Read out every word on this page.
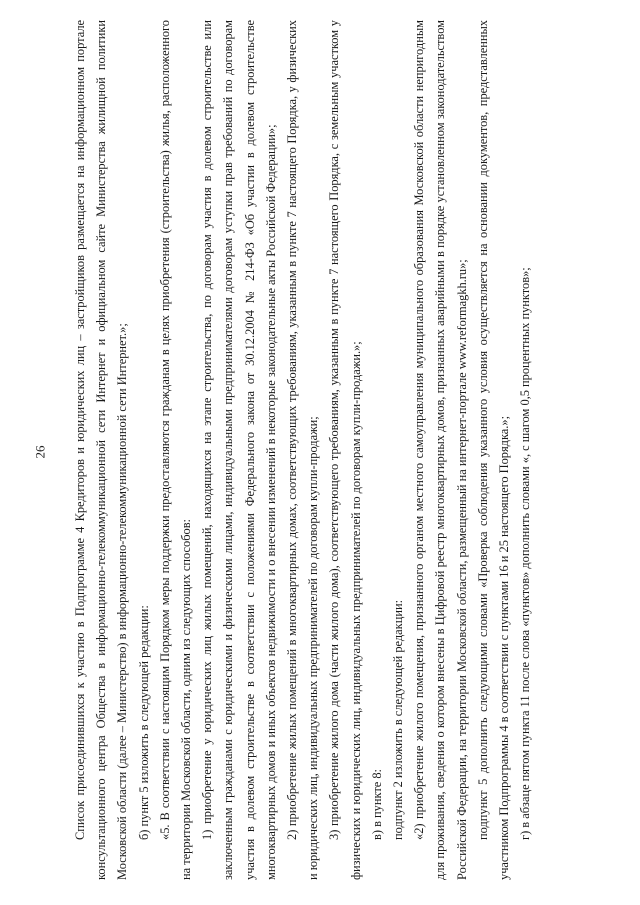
26 Список присоединившихся к участию в Подпрограмме 4 Кредиторов и юридических лиц – застройщиков размещается на информационном портале консультационного центра Общества в информационно-телекоммуникационной сети Интернет и официальном сайте Министерства жилищной политики Московской области (далее – Министерство) в информационно-телекоммуникационной сети Интернет.»; б) пункт 5 изложить в следующей редакции: «5. В соответствии с настоящим Порядком меры поддержки предоставляются гражданам в целях приобретения (строительства) жилья, расположенного на территории Московской области, одним из следующих способов: 1) приобретение у юридических лиц жилых помещений, находящихся на этапе строительства, по договорам участия в долевом строительстве или заключенным гражданами с юридическими и физическими лицами, индивидуальными предпринимателями договорам уступки прав требований по договорам участия в долевом строительстве в соответствии с положениями Федерального закона от 30.12.2004 № 214-ФЗ «Об участии в долевом строительстве многоквартирных домов и иных объектов недвижимости и о внесении изменений в некоторые законодательные акты Российской Федерации»; 2) приобретение жилых помещений в многоквартирных домах, соответствующих требованиям, указанным в пункте 7 настоящего Порядка, у физических и юридических лиц, индивидуальных предпринимателей по договорам купли-продажи; 3) приобретение жилого дома (части жилого дома), соответствующего требованиям, указанным в пункте 7 настоящего Порядка, с земельным участком у физических и юридических лиц, индивидуальных предпринимателей по договорам купли-продажи.»; в) в пункте 8: подпункт 2 изложить в следующей редакции: «2) приобретение жилого помещения, признанного органом местного самоуправления муниципального образования Московской области непригодным для проживания, сведения о котором внесены в Цифровой реестр многоквартирных домов, признанных аварийными в порядке установленном законодательством Российской Федерации, на территории Московской области, размещенный на интернет-портале www.reformagkh.ru»; подпункт 5 дополнить следующими словами «Проверка соблюдения указанного условия осуществляется на основании документов, представленных участником Подпрограммы 4 в соответствии с пунктами 16 и 25 настоящего Порядка.»; г) в абзаце пятом пункта 11 после слова «пунктов» дополнить словами «, с шагом 0,5 процентных пунктов»;
